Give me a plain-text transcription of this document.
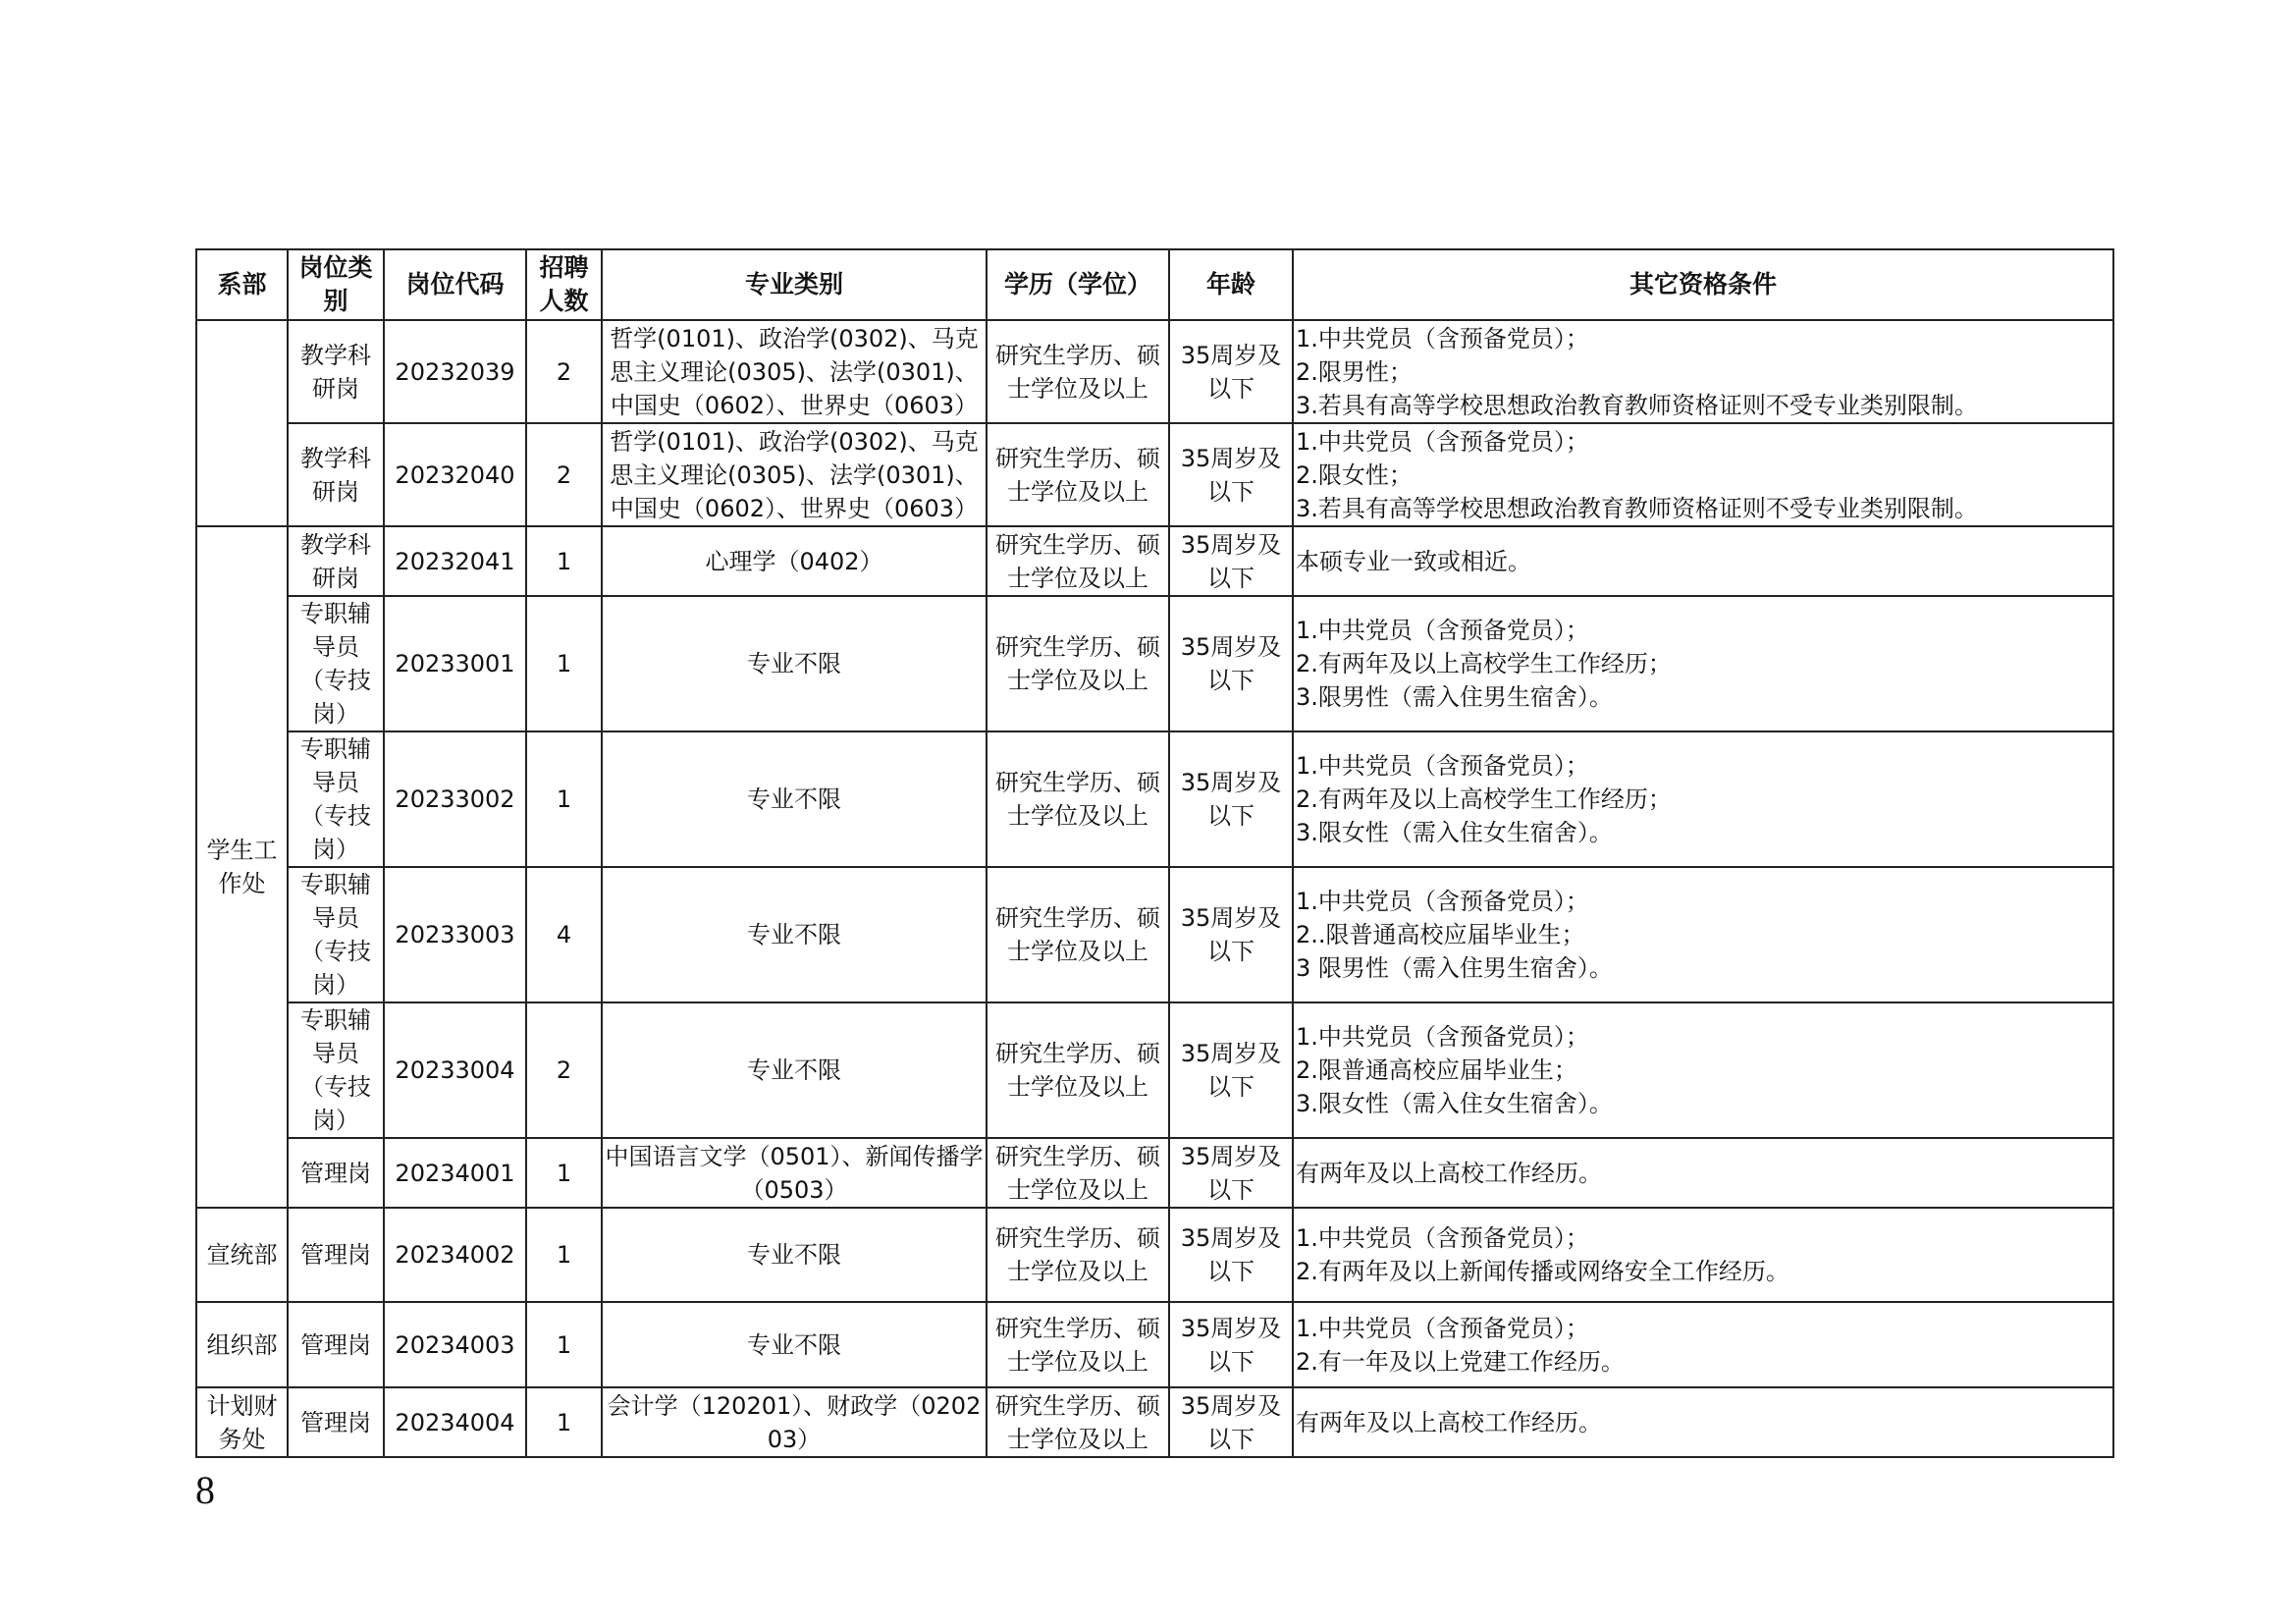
系部	岗位类别	岗位代码	招聘人数	专业类别	学历（学位）	年龄	其它资格条件
	教学科研岗	20232039	2	哲学(0101)、政治学(0302)、马克思主义理论(0305)、法学(0301)、中国史（0602）、世界史（0603）	研究生学历、硕士学位及以上	35周岁及以下	1.中共党员（含预备党员）；
2.限男性；
3.若具有高等学校思想政治教育教师资格证则不受专业类别限制。

	教学科研岗	20232040	2	哲学(0101)、政治学(0302)、马克思主义理论(0305)、法学(0301)、中国史（0602）、世界史（0603）	研究生学历、硕士学位及以上	35周岁及以下	1.中共党员（含预备党员）；
2.限女性；
3.若具有高等学校思想政治教育教师资格证则不受专业类别限制。

学生工作处	教学科研岗	20232041	1	心理学（0402）	研究生学历、硕士学位及以上	35周岁及以下	本硕专业一致或相近。

	专职辅导员（专技岗）	20233001	1	专业不限	研究生学历、硕士学位及以上	35周岁及以下	1.中共党员（含预备党员）；
2.有两年及以上高校学生工作经历；
3.限男性（需入住男生宿舍）。

	专职辅导员（专技岗）	20233002	1	专业不限	研究生学历、硕士学位及以上	35周岁及以下	1.中共党员（含预备党员）；
2.有两年及以上高校学生工作经历；
3.限女性（需入住女生宿舍）。

	专职辅导员（专技岗）	20233003	4	专业不限	研究生学历、硕士学位及以上	35周岁及以下	1.中共党员（含预备党员）；
2..限普通高校应届毕业生；
3 限男性（需入住男生宿舍）。

	专职辅导员（专技岗）	20233004	2	专业不限	研究生学历、硕士学位及以上	35周岁及以下	1.中共党员（含预备党员）；
2.限普通高校应届毕业生；
3.限女性（需入住女生宿舍）。

	管理岗	20234001	1	中国语言文学（0501）、新闻传播学（0503）	研究生学历、硕士学位及以上	35周岁及以下	有两年及以上高校工作经历。

宣统部	管理岗	20234002	1	专业不限	研究生学历、硕士学位及以上	35周岁及以下	1.中共党员（含预备党员）；
2.有两年及以上新闻传播或网络安全工作经历。

组织部	管理岗	20234003	1	专业不限	研究生学历、硕士学位及以上	35周岁及以下	1.中共党员（含预备党员）；
2.有一年及以上党建工作经历。

计划财务处	管理岗	20234004	1	会计学（120201）、财政学（020203）	研究生学历、硕士学位及以上	35周岁及以下	有两年及以上高校工作经历。
8
